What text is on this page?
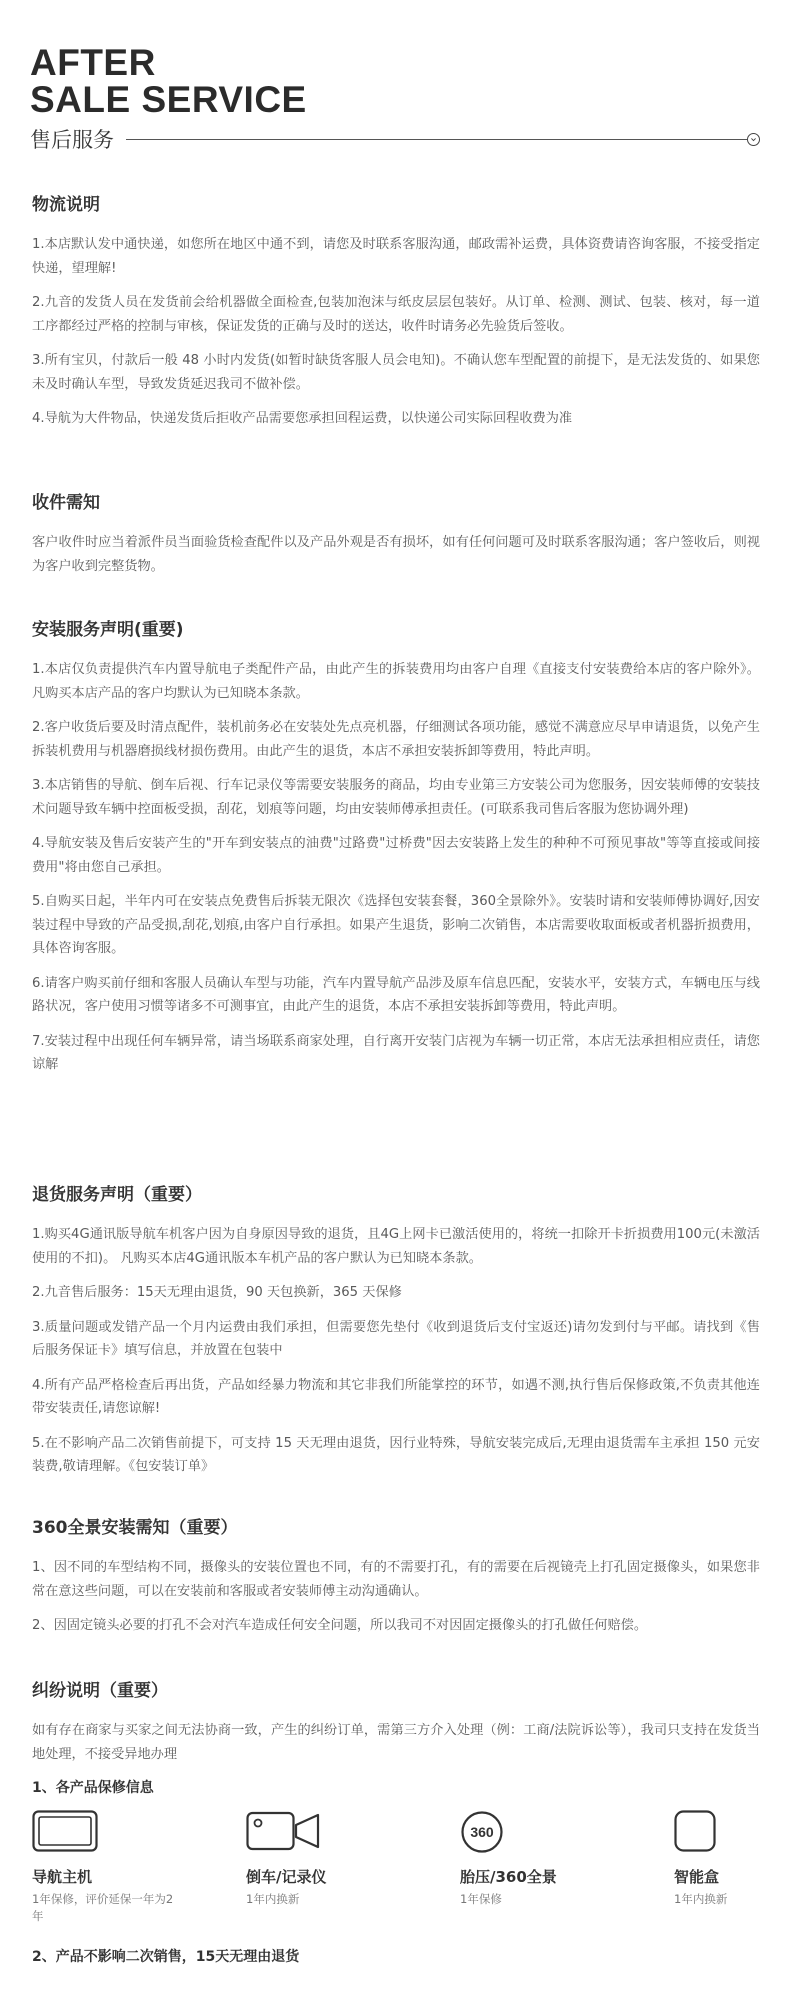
AFTER
SALE SERVICE
售后服务
物流说明

1.本店默认发中通快递，如您所在地区中通不到，请您及时联系客服沟通，邮政需补运费，具体资费请咨询客服，不接受指定快递，望理解!

2.九音的发货人员在发货前会给机器做全面检查,包装加泡沫与纸皮层层包装好。从订单、检测、测试、包装、核对，每一道工序都经过严格的控制与审核，保证发货的正确与及时的送达，收件时请务必先验货后签收。

3.所有宝贝，付款后一般 48 小时内发货(如暂时缺货客服人员会电知)。不确认您车型配置的前提下，是无法发货的、如果您未及时确认车型，导致发货延迟我司不做补偿。

4.导航为大件物品，快递发货后拒收产品需要您承担回程运费，以快递公司实际回程收费为准

收件需知

客户收件时应当着派件员当面验货检查配件以及产品外观是否有损坏，如有任何问题可及时联系客服沟通；客户签收后，则视为客户收到完整货物。

安装服务声明(重要)

1.本店仅负责提供汽车内置导航电子类配件产品，由此产生的拆装费用均由客户自理《直接支付安装费给本店的客户除外》。凡购买本店产品的客户均默认为已知晓本条款。

2.客户收货后要及时清点配件，装机前务必在安装处先点亮机器，仔细测试各项功能，感觉不满意应尽早申请退货，以免产生拆装机费用与机器磨损线材损伤费用。由此产生的退货，本店不承担安装拆卸等费用，特此声明。

3.本店销售的导航、倒车后视、行车记录仪等需要安装服务的商品，均由专业第三方安装公司为您服务，因安装师傅的安装技术问题导致车辆中控面板受损，刮花，划痕等问题，均由安装师傅承担责任。(可联系我司售后客服为您协调外理)

4.导航安装及售后安装产生的"开车到安装点的油费"过路费"过桥费"因去安装路上发生的种种不可预见事故"等等直接或间接费用"将由您自己承担。

5.自购买日起，半年内可在安装点免费售后拆装无限次《选择包安装套餐，360全景除外》。安装时请和安装师傅协调好,因安装过程中导致的产品受损,刮花,划痕,由客户自行承担。如果产生退货，影响二次销售，本店需要收取面板或者机器折损费用，具体咨询客服。

6.请客户购买前仔细和客服人员确认车型与功能，汽车内置导航产品涉及原车信息匹配，安装水平，安装方式，车辆电压与线路状况，客户使用习惯等诸多不可测事宜，由此产生的退货，本店不承担安装拆卸等费用，特此声明。

7.安装过程中出现任何车辆异常，请当场联系商家处理，自行离开安装门店视为车辆一切正常，本店无法承担相应责任，请您谅解

退货服务声明（重要）

1.购买4G通讯版导航车机客户因为自身原因导致的退货，且4G上网卡已激活使用的，将统一扣除开卡折损费用100元(未激活使用的不扣)。 凡购买本店4G通讯版本车机产品的客户默认为已知晓本条款。

2.九音售后服务：15天无理由退货，90 天包换新，365 天保修

3.质量问题或发错产品一个月内运费由我们承担，但需要您先垫付《收到退货后支付宝返还)请勿发到付与平邮。请找到《售后服务保证卡》填写信息，并放置在包装中

4.所有产品严格检查后再出货，产品如经暴力物流和其它非我们所能掌控的环节，如遇不测,执行售后保修政策,不负责其他连带安装责任,请您谅解!

5.在不影响产品二次销售前提下，可支持 15 天无理由退货，因行业特殊，导航安装完成后,无理由退货需车主承担 150 元安装费,敬请理解。《包安装订单》

360全景安装需知（重要）

1、因不同的车型结构不同，摄像头的安装位置也不同，有的不需要打孔，有的需要在后视镜壳上打孔固定摄像头，如果您非常在意这些问题，可以在安装前和客服或者安装师傅主动沟通确认。

2、因固定镜头必要的打孔不会对汽车造成任何安全问题，所以我司不对因固定摄像头的打孔做任何赔偿。

纠纷说明（重要）

如有存在商家与买家之间无法协商一致，产生的纠纷订单，需第三方介入处理（例：工商/法院诉讼等），我司只支持在发货当地处理，不接受异地办理

1、各产品保修信息
导航主机
1年保修，评价延保一年为2年
倒车/记录仪
1年内换新
360
胎压/360全景
1年保修
智能盒
1年内换新
2、产品不影响二次销售，15天无理由退货
